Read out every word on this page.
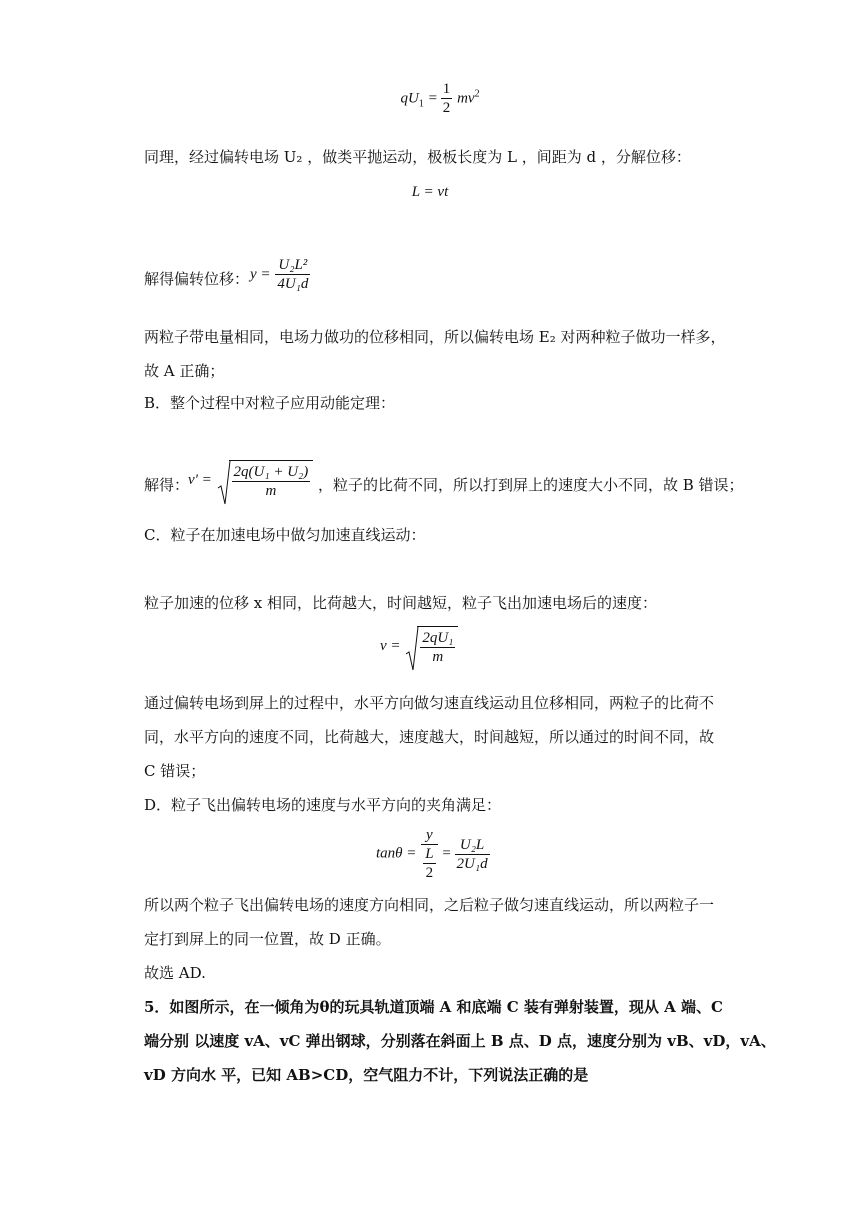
$qU_1 = \frac{1}{2} mv^2$
同理，经过偏转电场 U₂ ，做类平抛运动，极板长度为 L ，间距为 d ，分解位移：
L = vt
解得偏转位移： $y = \frac{\text{U₂L²}}{\text{4U₁d}}$
两粒子带电量相同，电场力做功的位移相同，所以偏转电场 E₂ 对两种粒子做功一样多，
故 A 正确；
B．整个过程中对粒子应用动能定理：
解得：
$v' = \frac{\text{2q(U₁ + U₂)}}{m}$ ，粒子的比荷不同，所以打到屏上的速度大小不同，故 B 错误；
C．粒子在加速电场中做匀加速直线运动：
粒子加速的位移 x 相同，比荷越大，时间越短，粒子飞出加速电场后的速度：
$v = \frac{\text{2qU₁}}{m}$
通过偏转电场到屏上的过程中，水平方向做匀速直线运动且位移相同，两粒子的比荷不
同，水平方向的速度不同，比荷越大，速度越大，时间越短，所以通过的时间不同，故
C 错误；
D．粒子飞出偏转电场的速度与水平方向的夹角满足：
$\tan\theta = \frac{y}{\frac{L}{2}} = \frac{\text{U₂L}}{\text{2U₁d}}$
所以两个粒子飞出偏转电场的速度方向相同，之后粒子做匀速直线运动，所以两粒子一
定打到屏上的同一位置，故 D 正确。
故选 AD.
5．如图所示，在一倾角为θ的玩具轨道顶端 A 和底端 C 装有弹射装置，现从 A 端、C
端分别 以速度 vA、vC 弹出钢球，分别落在斜面上 B 点、D 点，速度分别为 vB、vD，vA、
vD 方向水 平，已知 AB>CD，空气阻力不计，下列说法正确的是
